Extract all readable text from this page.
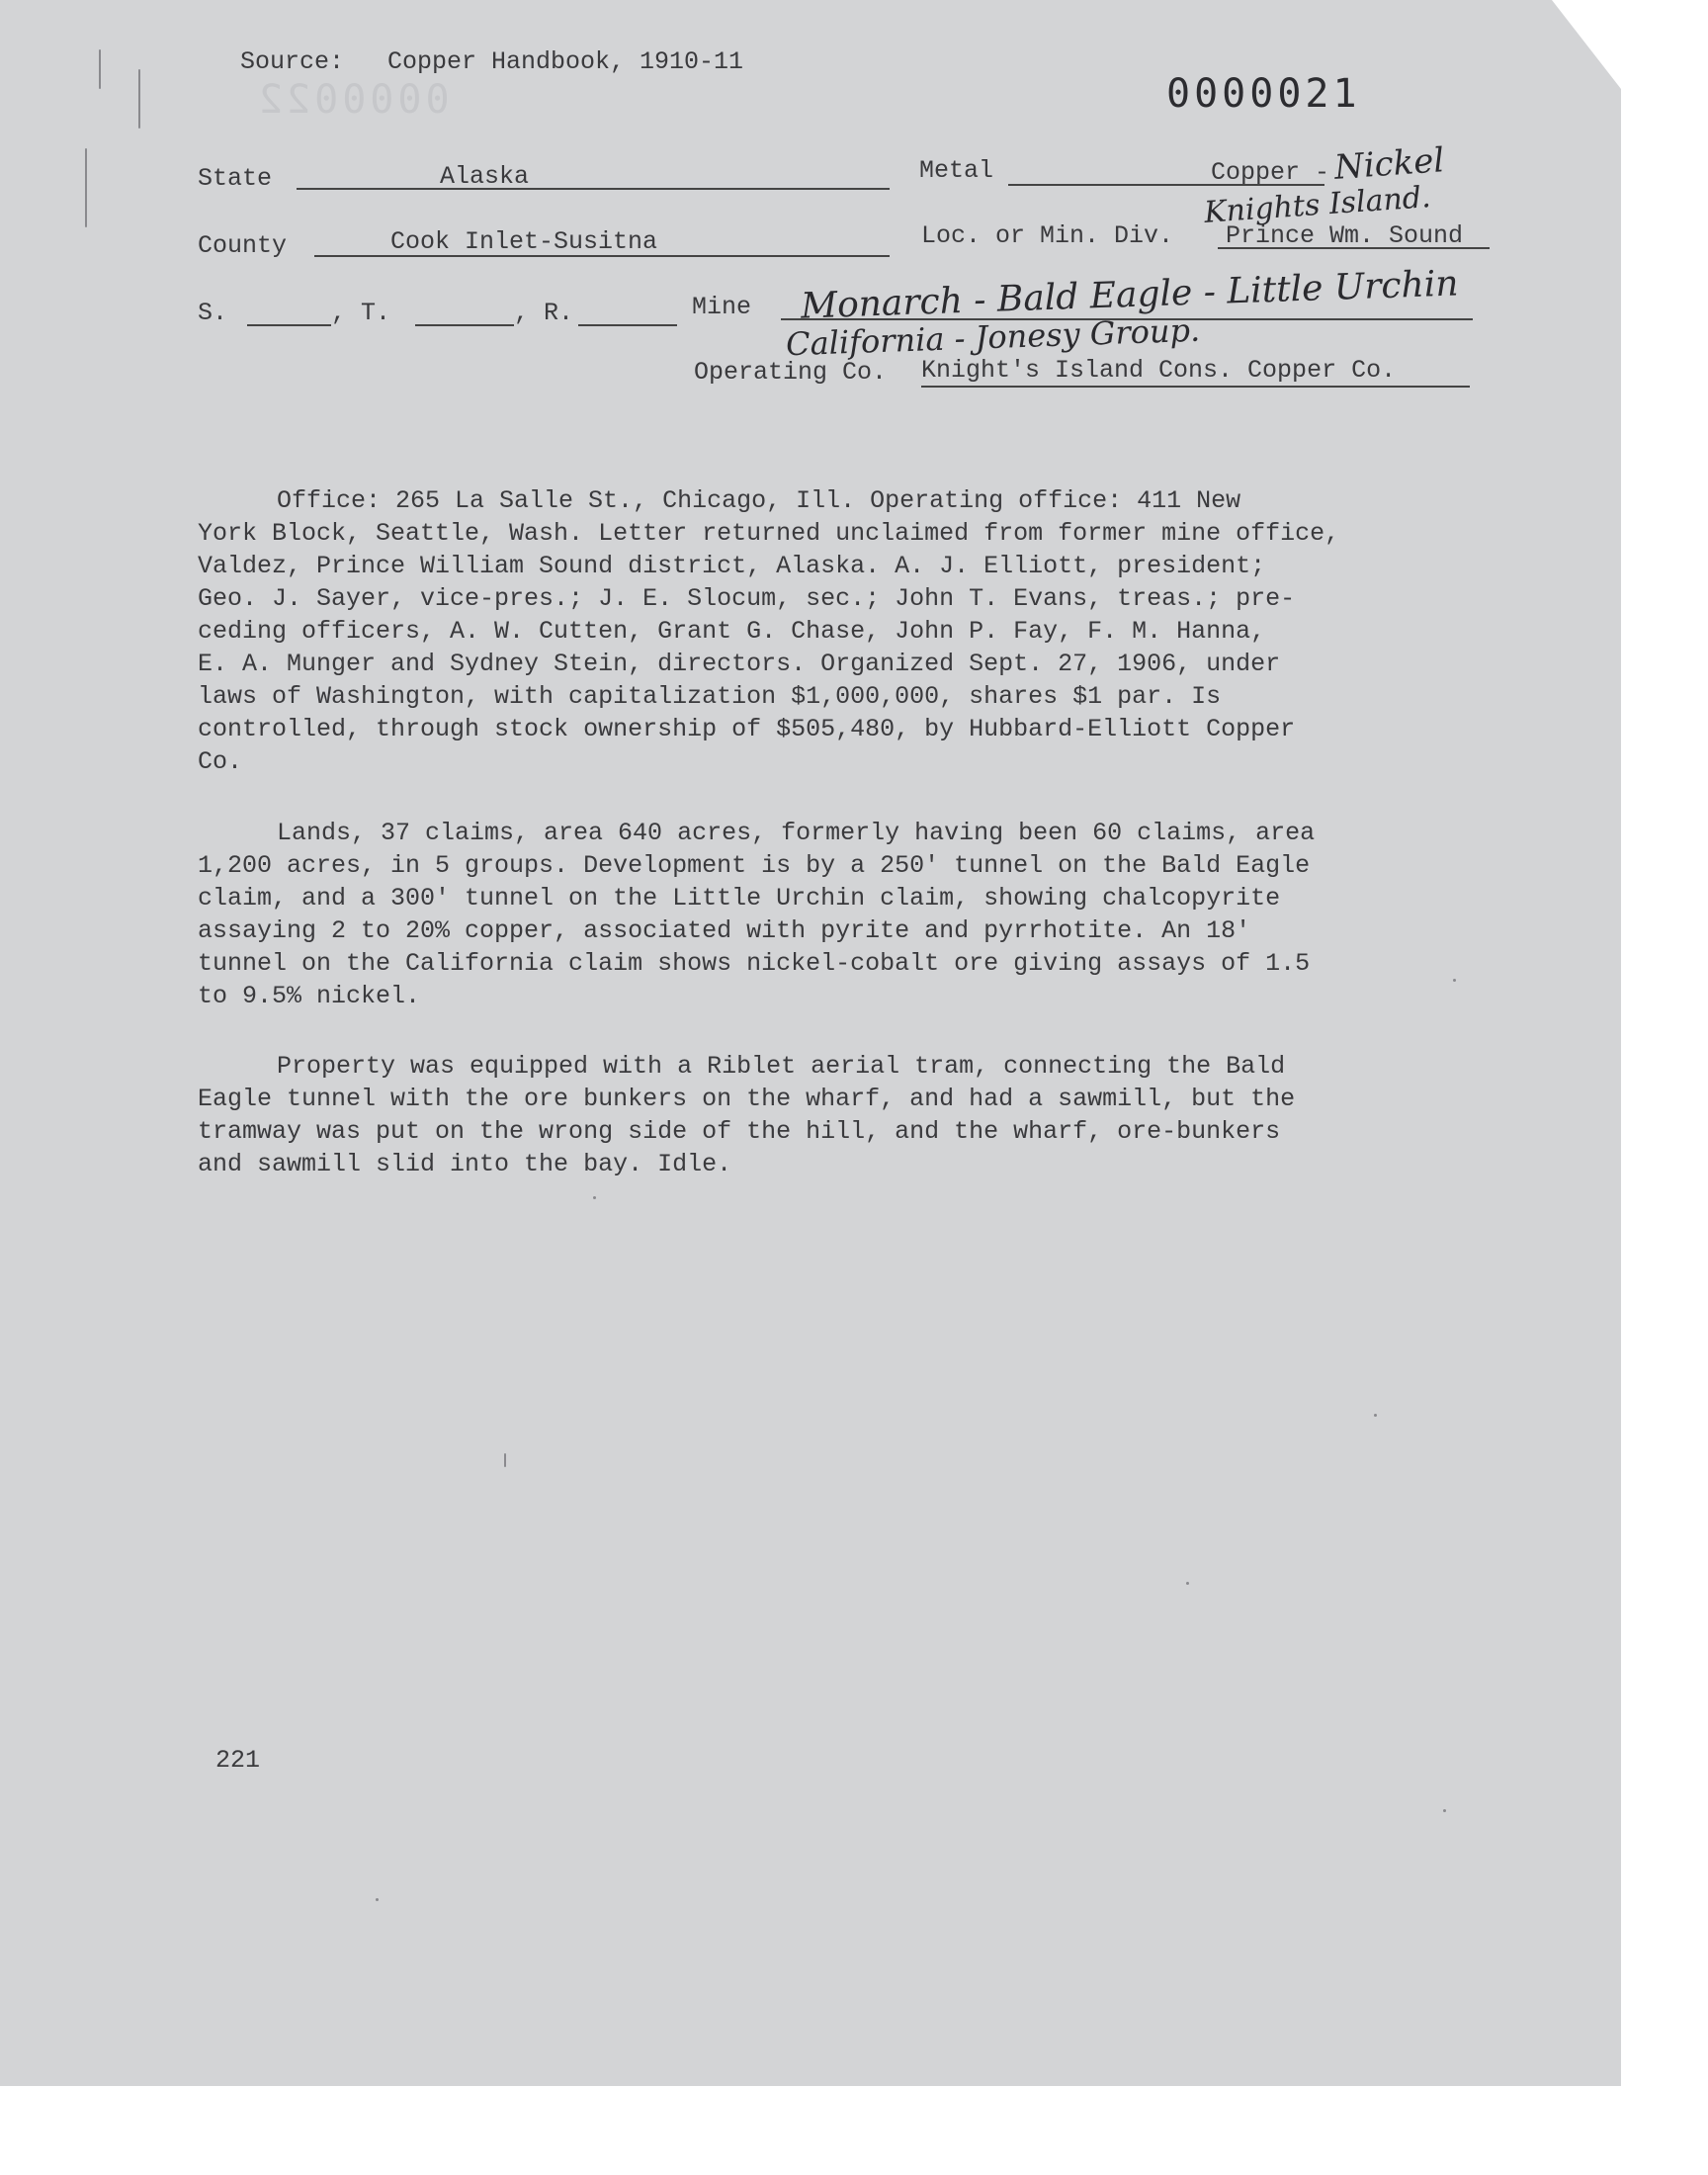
Source: Copper Handbook, 1910-11
0000022	0000021
State	Alaska	Metal	Copper - Nickel
Knights Island.
County	Cook Inlet-Susitna	Loc. or Min. Div. Prince Wm. Sound
S.	, T.	, R.	Mine Monarch - Bald Eagle - Little Urchin
California - Jonesy Group.
Operating Co. Knight's Island Cons. Copper Co.
Office: 265 La Salle St., Chicago, Ill. Operating office: 411 New
York Block, Seattle, Wash. Letter returned unclaimed from former mine office,
Valdez, Prince William Sound district, Alaska. A. J. Elliott, president;
Geo. J. Sayer, vice-pres.; J. E. Slocum, sec.; John T. Evans, treas.; pre-
ceding officers, A. W. Cutten, Grant G. Chase, John P. Fay, F. M. Hanna,
E. A. Munger and Sydney Stein, directors. Organized Sept. 27, 1906, under
laws of Washington, with capitalization $1,000,000, shares $1 par. Is
controlled, through stock ownership of $505,480, by Hubbard-Elliott Copper
Co.
Lands, 37 claims, area 640 acres, formerly having been 60 claims, area
1,200 acres, in 5 groups. Development is by a 250' tunnel on the Bald Eagle
claim, and a 300' tunnel on the Little Urchin claim, showing chalcopyrite
assaying 2 to 20% copper, associated with pyrite and pyrrhotite. An 18'
tunnel on the California claim shows nickel-cobalt ore giving assays of 1.5
to 9.5% nickel.
Property was equipped with a Riblet aerial tram, connecting the Bald
Eagle tunnel with the ore bunkers on the wharf, and had a sawmill, but the
tramway was put on the wrong side of the hill, and the wharf, ore-bunkers
and sawmill slid into the bay. Idle.
221
